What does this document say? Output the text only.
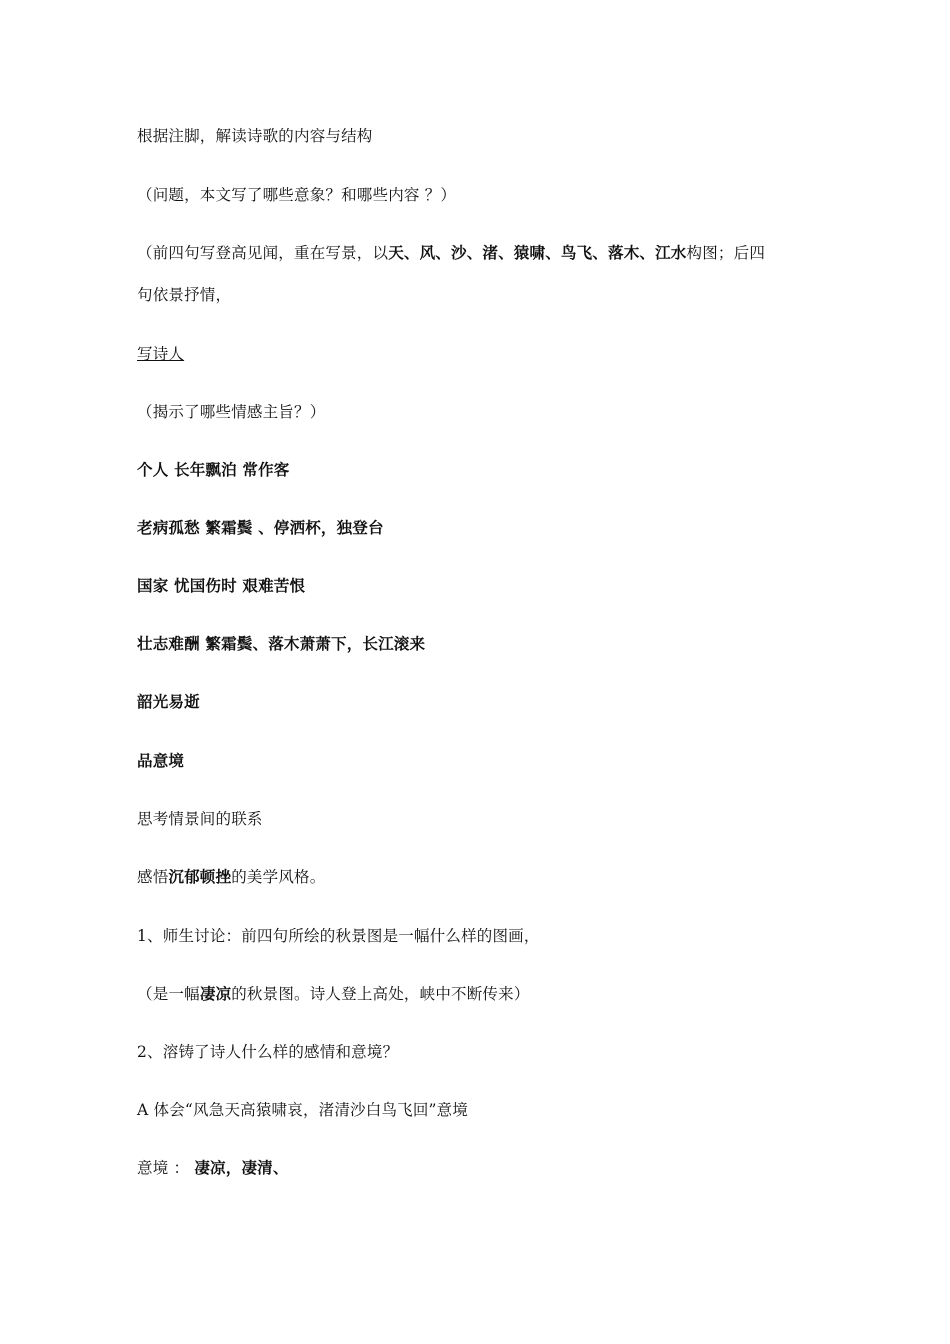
根据注脚，解读诗歌的内容与结构
（问题，本文写了哪些意象？和哪些内容 ？）
（前四句写登高见闻，重在写景，以天、风、沙、渚、猿啸、鸟飞、落木、江水构图；后四
句依景抒情，
写诗人
（揭示了哪些情感主旨？）
个人 长年飘泊 常作客
老病孤愁 繁霜鬓 、停洒杯，独登台
国家 忧国伤时 艰难苦恨
壮志难酬 繁霜鬓、落木萧萧下，长江滚来
韶光易逝
品意境
思考情景间的联系
感悟沉郁顿挫的美学风格。
1、师生讨论：前四句所绘的秋景图是一幅什么样的图画，
（是一幅凄凉的秋景图。诗人登上高处，峡中不断传来）
2、溶铸了诗人什么样的感情和意境？
A 体会“风急天高猿啸哀，渚清沙白鸟飞回”意境
意境 ： 凄凉，凄清、
